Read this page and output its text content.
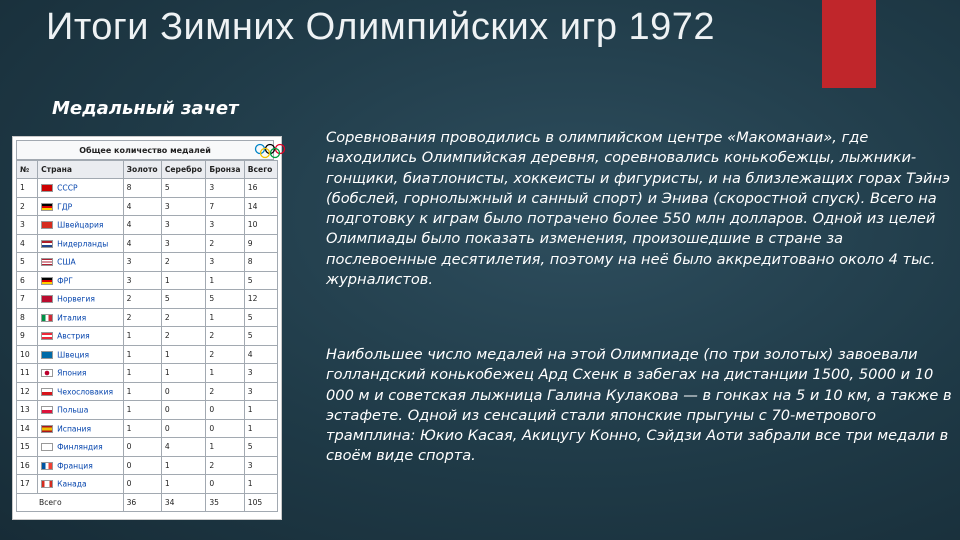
Итоги Зимних Олимпийских игр 1972
Медальный зачет
Общее количество медалей
№	Страна	Золото	Серебро	Бронза	Всего
1	СССР	8	5	3	16
2	ГДР	4	3	7	14
3	Швейцария	4	3	3	10
4	Нидерланды	4	3	2	9
5	США	3	2	3	8
6	ФРГ	3	1	1	5
7	Норвегия	2	5	5	12
8	Италия	2	2	1	5
9	Австрия	1	2	2	5
10	Швеция	1	1	2	4
11	Япония	1	1	1	3
12	Чехословакия	1	0	2	3
13	Польша	1	0	0	1
14	Испания	1	0	0	1
15	Финляндия	0	4	1	5
16	Франция	0	1	2	3
17	Канада	0	1	0	1
Всего		36	34	35	105
Соревнования проводились в олимпийском центре «Макоманаи», где находились Олимпийская деревня, соревновались конькобежцы, лыжники-гонщики, биатлонисты, хоккеисты и фигуристы, и на близлежащих горах Тэйнэ (бобслей, горнолыжный и санный спорт) и Энива (скоростной спуск). Всего на подготовку к играм было потрачено более 550 млн долларов. Одной из целей Олимпиады было показать изменения, произошедшие в стране за послевоенные десятилетия, поэтому на неё было аккредитовано около 4 тыс. журналистов.
Наибольшее число медалей на этой Олимпиаде (по три золотых) завоевали голландский конькобежец Ард Схенк в забегах на дистанции 1500, 5000 и 10 000 м и советская лыжница Галина Кулакова — в гонках на 5 и 10 км, а также в эстафете. Одной из сенсаций стали японские прыгуны с 70-метрового трамплина: Юкио Касая, Акицугу Конно, Сэйдзи Аоти забрали все три медали в своём виде спорта.
